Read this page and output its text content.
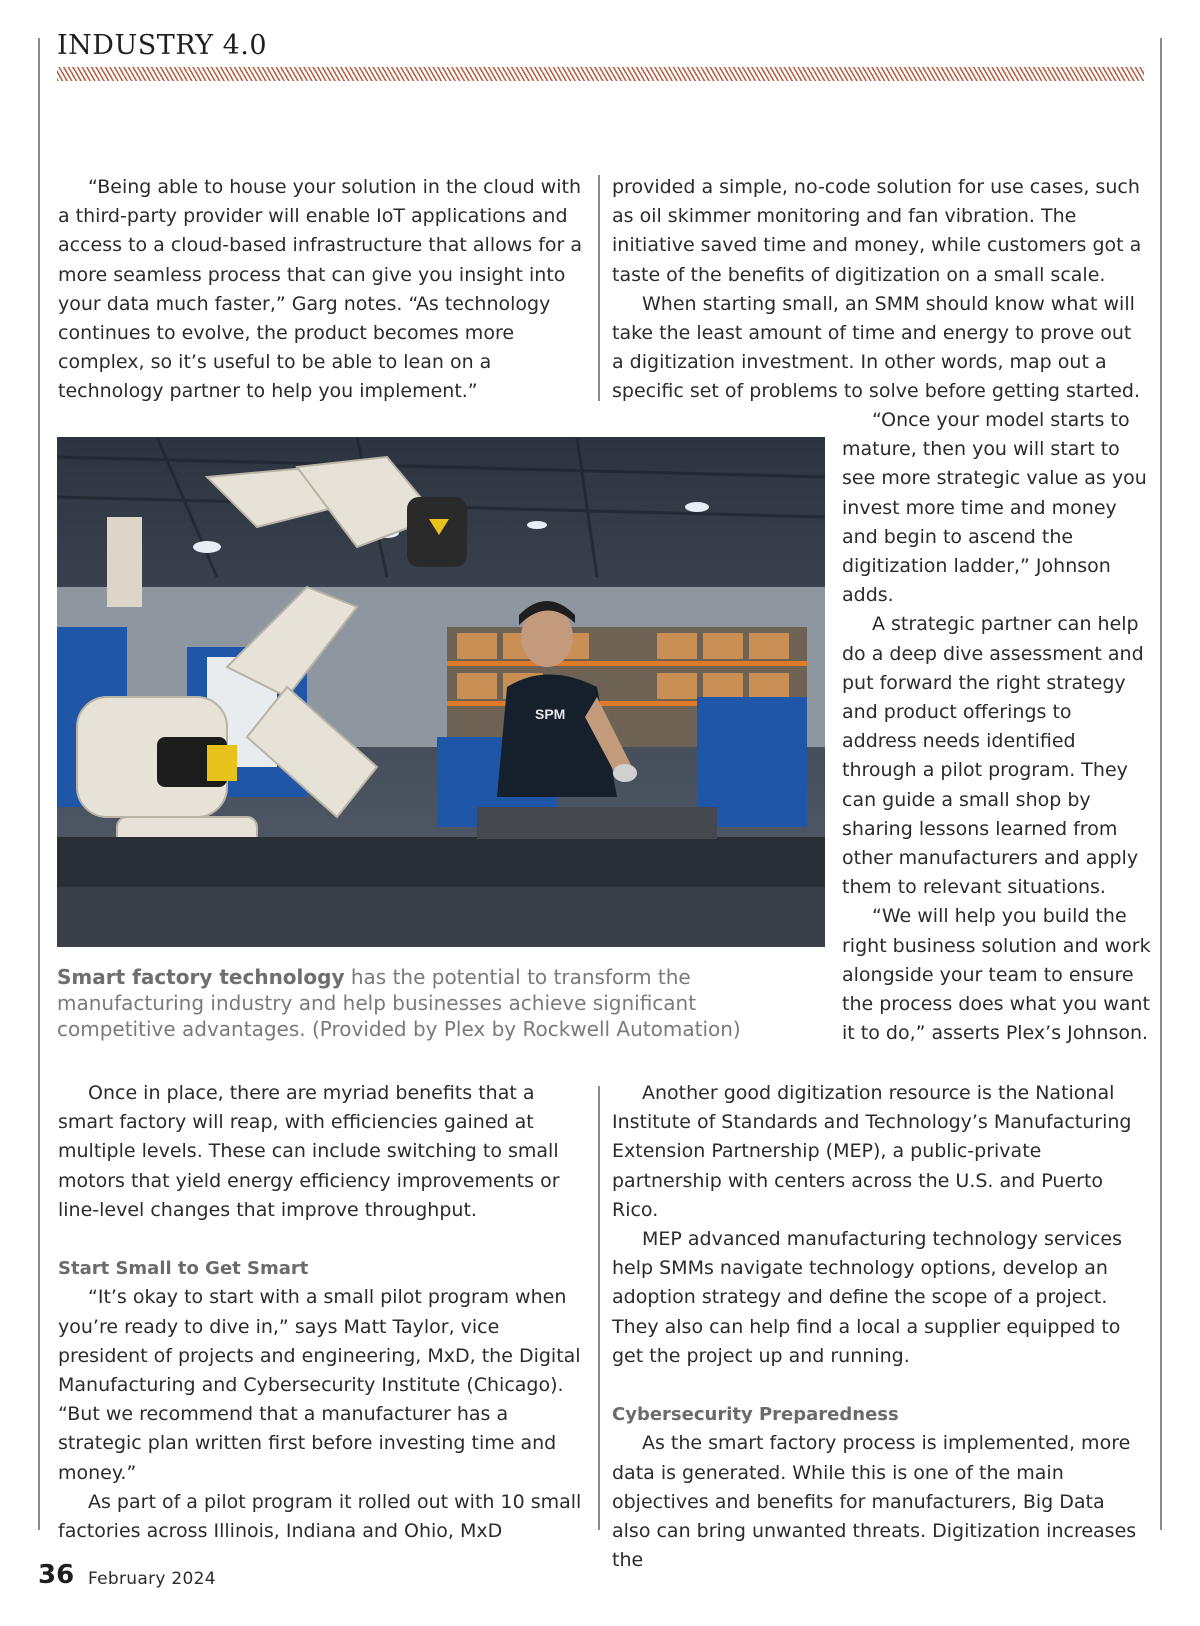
INDUSTRY 4.0

“Being able to house your solution in the cloud with a third-party provider will enable IoT applications and access to a cloud-based infrastructure that allows for a more seamless process that can give you insight into your data much faster,” Garg notes. “As technology continues to evolve, the product becomes more complex, so it’s useful to be able to lean on a technology partner to help you implement.”

provided a simple, no-code solution for use cases, such as oil skimmer monitoring and fan vibration. The initiative saved time and money, while customers got a taste of the benefits of digitization on a small scale.

When starting small, an SMM should know what will take the least amount of time and energy to prove out a digitization investment. In other words, map out a specific set of problems to solve before getting started.

SPM

Smart factory technology has the potential to transform the manufacturing industry and help businesses achieve significant competitive advantages. (Provided by Plex by Rockwell Automation)

“Once your model starts to mature, then you will start to see more strategic value as you invest more time and money and begin to ascend the digitization ladder,” Johnson adds.

A strategic partner can help do a deep dive assessment and put forward the right strategy and product offerings to address needs identified through a pilot program. They can guide a small shop by sharing lessons learned from other manufacturers and apply them to relevant situations.

“We will help you build the right business solution and work alongside your team to ensure the process does what you want it to do,” asserts Plex’s Johnson.

Once in place, there are myriad benefits that a smart factory will reap, with efficiencies gained at multiple levels. These can include switching to small motors that yield energy efficiency improvements or line-level changes that improve throughput.

Start Small to Get Smart

“It’s okay to start with a small pilot program when you’re ready to dive in,” says Matt Taylor, vice president of projects and engineering, MxD, the Digital Manufacturing and Cybersecurity Institute (Chicago). “But we recommend that a manufacturer has a strategic plan written first before investing time and money.”

As part of a pilot program it rolled out with 10 small factories across Illinois, Indiana and Ohio, MxD

Another good digitization resource is the National Institute of Standards and Technology’s Manufacturing Extension Partnership (MEP), a public-private partnership with centers across the U.S. and Puerto Rico.

MEP advanced manufacturing technology services help SMMs navigate technology options, develop an adoption strategy and define the scope of a project. They also can help find a local a supplier equipped to get the project up and running.

Cybersecurity Preparedness

As the smart factory process is implemented, more data is generated. While this is one of the main objectives and benefits for manufacturers, Big Data also can bring unwanted threats. Digitization increases the

36 February 2024
